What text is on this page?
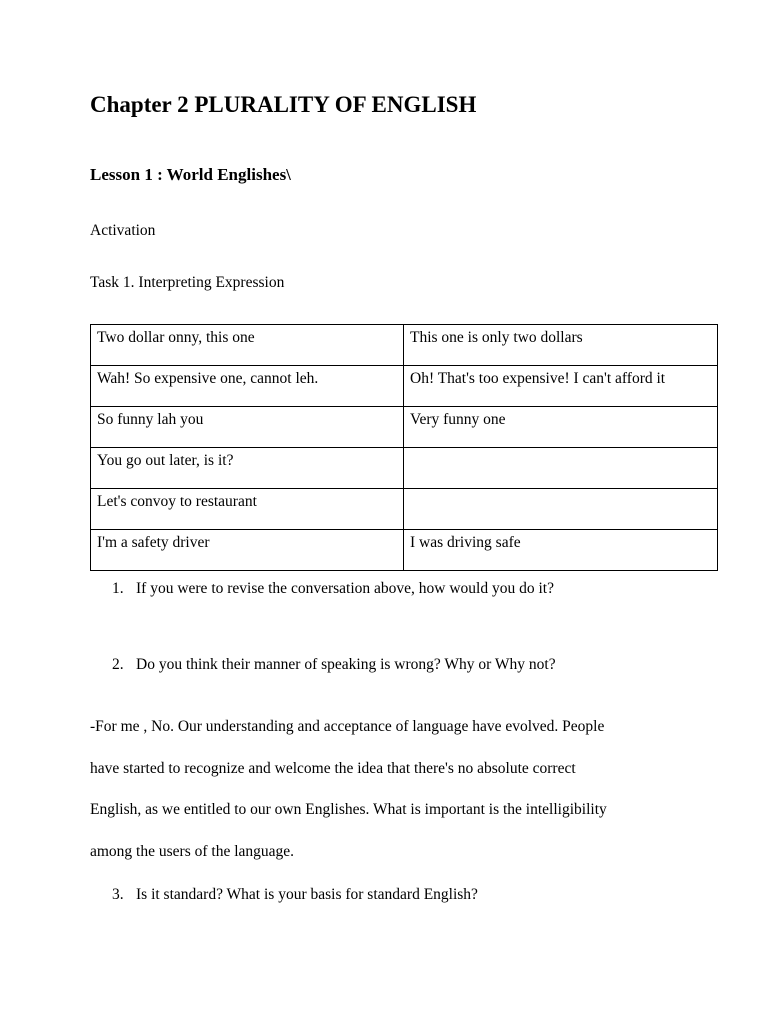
Chapter 2 PLURALITY OF ENGLISH
Lesson 1 : World Englishes\
Activation
Task 1. Interpreting Expression
Two dollar onny, this one	This one is only two dollars
Wah! So expensive one, cannot leh.	Oh! That's too expensive! I can't afford it
So funny lah you	Very funny one
You go out later, is it?	
Let's convoy to restaurant	
I'm a safety driver	I was driving safe
1. If you were to revise the conversation above, how would you do it?
2. Do you think their manner of speaking is wrong? Why or Why not?
-For me , No. Our understanding and acceptance of language have evolved. People
have started to recognize and welcome the idea that there's no absolute correct
English, as we entitled to our own Englishes. What is important is the intelligibility
among the users of the language.
3. Is it standard? What is your basis for standard English?
